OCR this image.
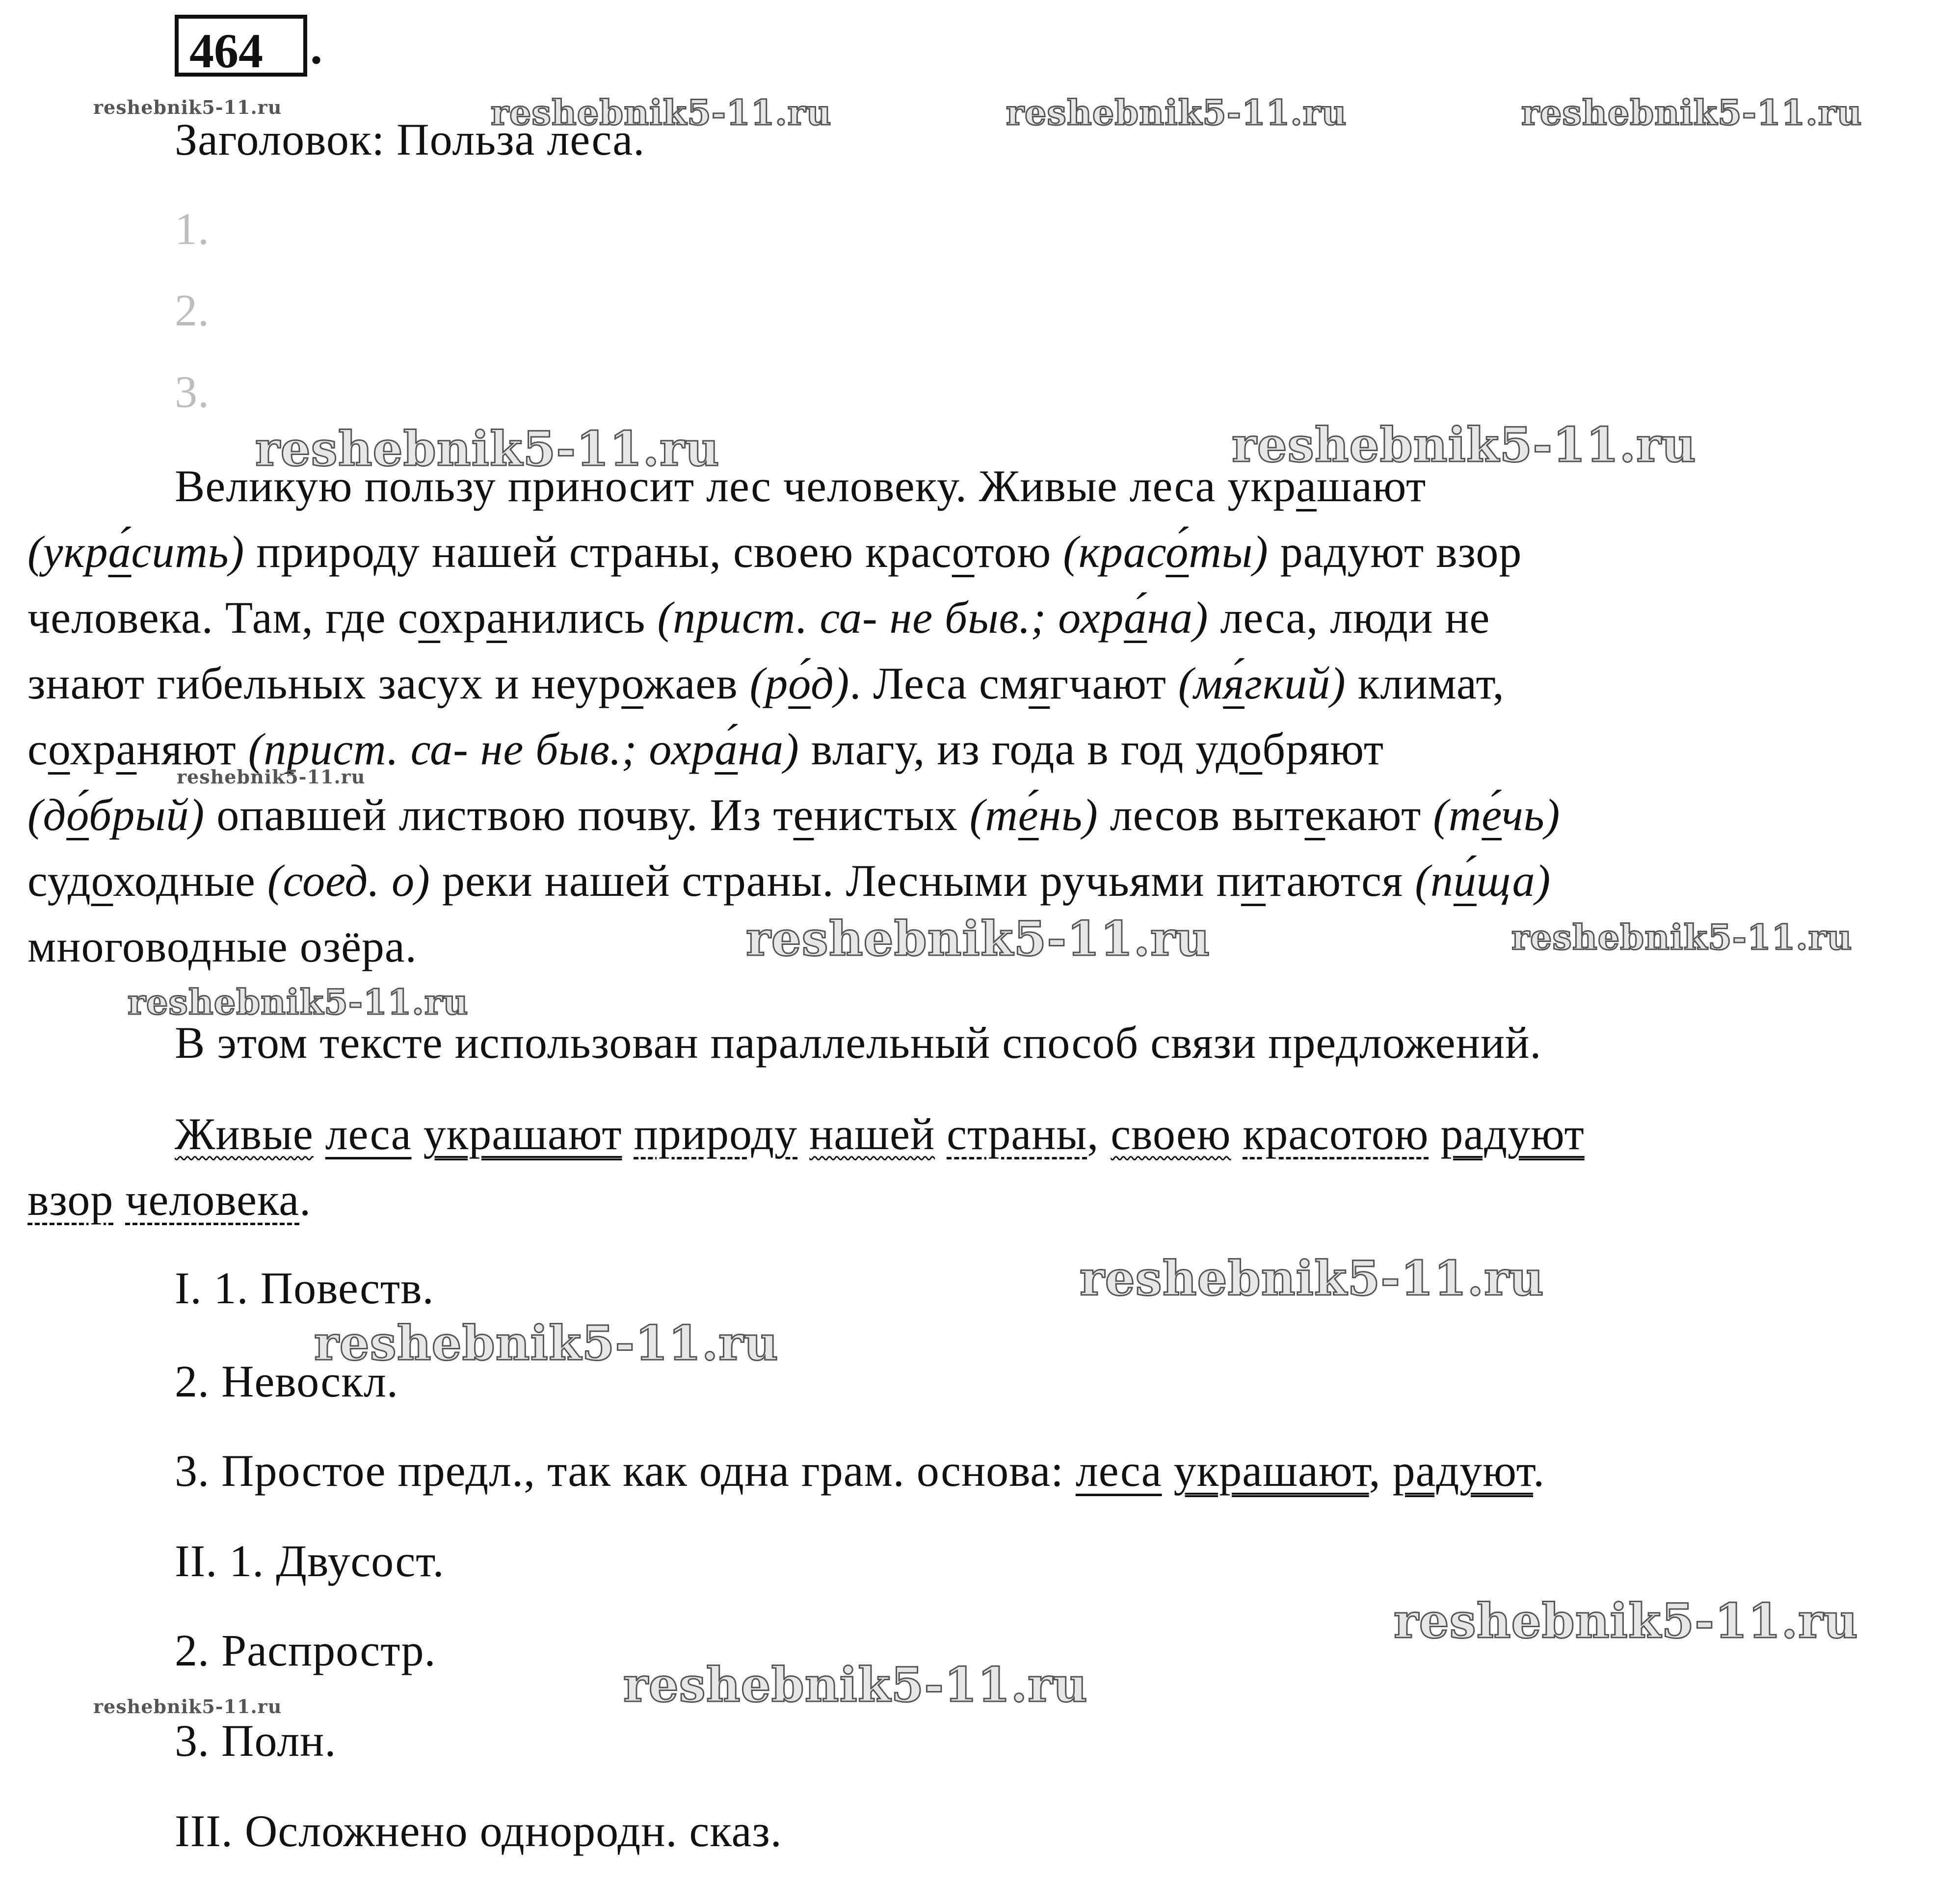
464 .
Заголовок: Польза леса.
1.
2.
3.
Великую пользу приносит лес человеку. Живые леса украшают
(укра́сить) природу нашей страны, своею красотою (красо́ты) радуют взор
человека. Там, где сохранились (прист. са- не быв.; охра́на) леса, люди не
знают гибельных засух и неурожаев (ро́д). Леса смягчают (мя́гкий) климат,
сохраняют (прист. са- не быв.; охра́на) влагу, из года в год удобряют
(до́брый) опавшей листвою почву. Из тенистых (те́нь) лесов вытекают (те́чь)
судоходные (соед. о) реки нашей страны. Лесными ручьями питаются (пи́ща)
многоводные озёра.
В этом тексте использован параллельный способ связи предложений.
Живые леса украшают природу нашей страны, своею красотою радуют
взор человека.
I. 1. Повеств.
2. Невоскл.
3. Простое предл., так как одна грам. основа: леса украшают, радуют.
II. 1. Двусост.
2. Распростр.
3. Полн.
III. Осложнено однородн. сказ.
reshebnik5-11.ru	reshebnik5-11.ru	reshebnik5-11.ru	reshebnik5-11.ru
reshebnik5-11.ru	reshebnik5-11.ru
reshebnik5-11.ru
reshebnik5-11.ru	reshebnik5-11.ru
reshebnik5-11.ru
reshebnik5-11.ru
reshebnik5-11.ru
reshebnik5-11.ru
reshebnik5-11.ru
reshebnik5-11.ru
